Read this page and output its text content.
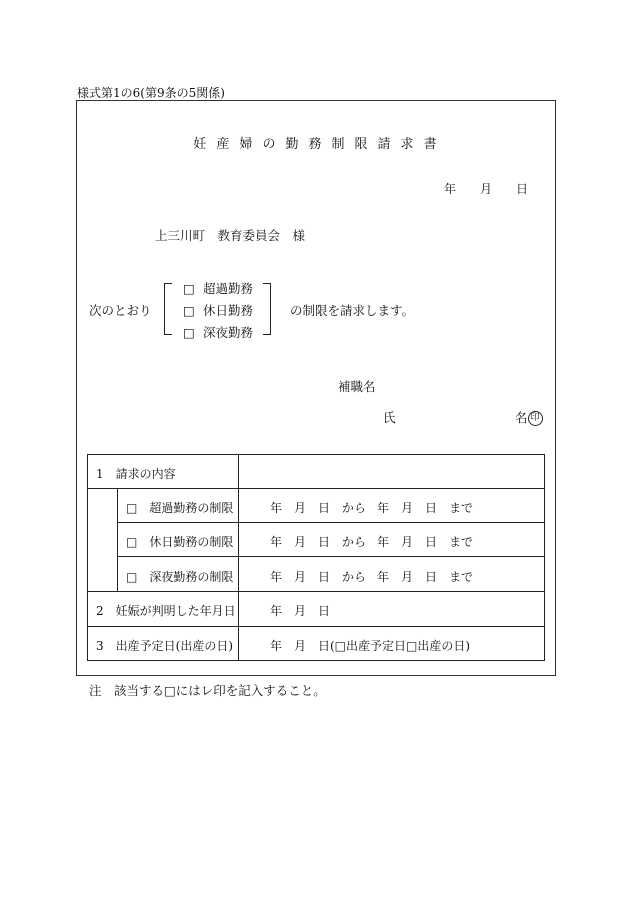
様式第1の6(第9条の5関係)
妊 産 婦 の 勤 務 制 限 請 求 書
年 月 日
上三川町　教育委員会　様
次のとおり
□ 超過勤務
□ 休日勤務
□ 深夜勤務
の制限を請求します。
補職名
氏	名 印
1　請求の内容
□　超過勤務の制限	年 月 日 から 年 月 日 まで
□　休日勤務の制限	年 月 日 から 年 月 日 まで
□　深夜勤務の制限	年 月 日 から 年 月 日 まで
2　妊娠が判明した年月日	年 月 日
3　出産予定日(出産の日)	年 月 日(□出産予定日□出産の日)
注　該当する□にはレ印を記入すること。
